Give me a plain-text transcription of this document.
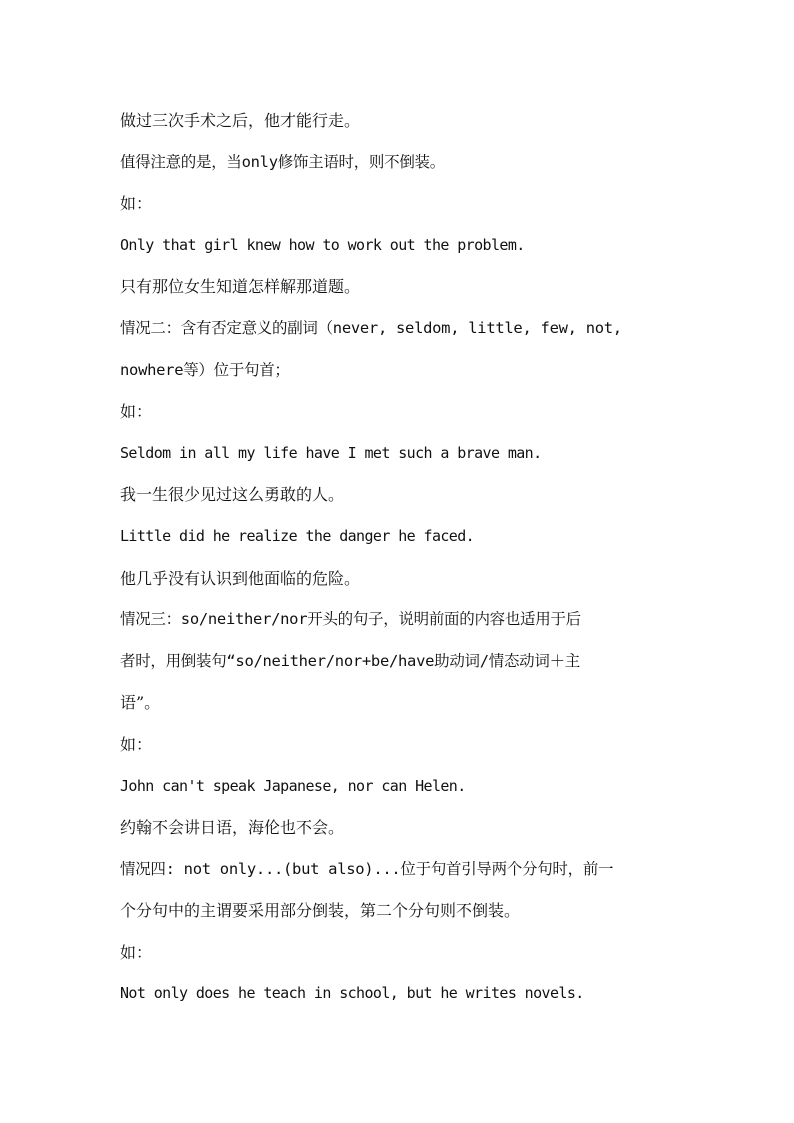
做过三次手术之后，他才能行走。

值得注意的是，当only修饰主语时，则不倒装。

如：

Only that girl knew how to work out the problem.

只有那位女生知道怎样解那道题。

情况二：含有否定意义的副词（never, seldom, little, few, not,

nowhere等）位于句首；

如：

Seldom in all my life have I met such a brave man.

我一生很少见过这么勇敢的人。

Little did he realize the danger he faced.

他几乎没有认识到他面临的危险。

情况三：so/neither/nor开头的句子，说明前面的内容也适用于后

者时，用倒装句“so/neither/nor+be/have助动词/情态动词＋主

语”。

如：

John can't speak Japanese, nor can Helen.

约翰不会讲日语，海伦也不会。

情况四: not only...(but also)...位于句首引导两个分句时，前一

个分句中的主谓要采用部分倒装，第二个分句则不倒装。

如：

Not only does he teach in school, but he writes novels.
